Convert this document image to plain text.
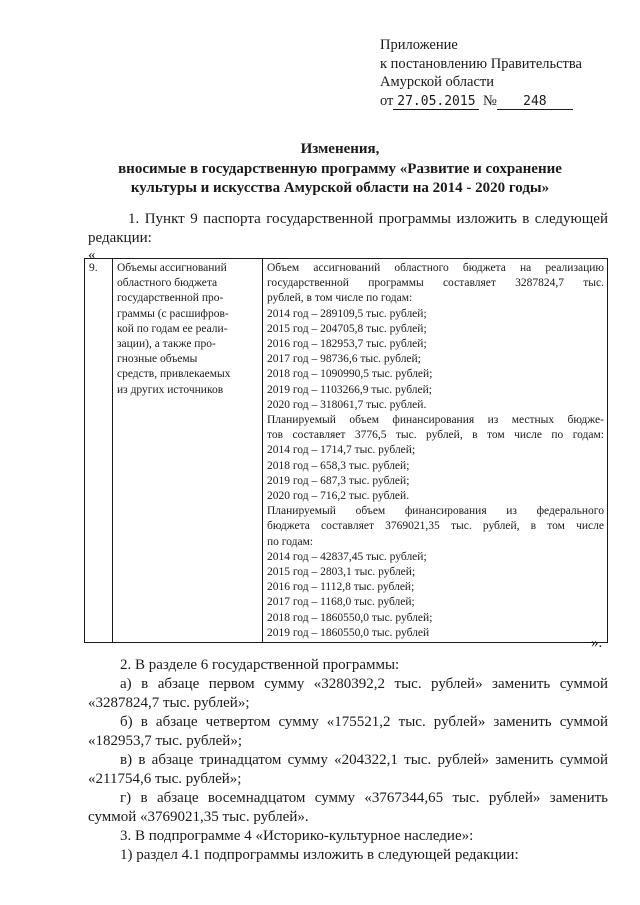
Приложение
к постановлению Правительства
Амурской области
от 27.05.2015 № 248
Изменения,
вносимые в государственную программу «Развитие и сохранение
культуры и искусства Амурской области на 2014 - 2020 годы»
1. Пункт 9 паспорта государственной программы изложить в следующей
редакции:
«
9.	Объемы ассигнований
областного бюджета
государственной про-
граммы (с расшифров-
кой по годам ее реали-
зации), а также про-
гнозные объемы
средств, привлекаемых
из других источников

Объем ассигнований областного бюджета на реализацию
государственной программы составляет 3287824,7 тыс.
рублей, в том числе по годам:
2014 год – 289109,5 тыс. рублей;
2015 год – 204705,8 тыс. рублей;
2016 год – 182953,7 тыс. рублей;
2017 год – 98736,6 тыс. рублей;
2018 год – 1090990,5 тыс. рублей;
2019 год – 1103266,9 тыс. рублей;
2020 год – 318061,7 тыс. рублей.
Планируемый объем финансирования из местных бюдже-
тов составляет 3776,5 тыс. рублей, в том числе по годам:
2014 год – 1714,7 тыс. рублей;
2018 год – 658,3 тыс. рублей;
2019 год – 687,3 тыс. рублей;
2020 год – 716,2 тыс. рублей.
Планируемый объем финансирования из федерального
бюджета составляет 3769021,35 тыс. рублей, в том числе
по годам:
2014 год – 42837,45 тыс. рублей;
2015 год – 2803,1 тыс. рублей;
2016 год – 1112,8 тыс. рублей;
2017 год – 1168,0 тыс. рублей;
2018 год – 1860550,0 тыс. рублей;
2019 год – 1860550,0 тыс. рублей
».
2. В разделе 6 государственной программы:
а) в абзаце первом сумму «3280392,2 тыс. рублей» заменить суммой
«3287824,7 тыс. рублей»;
б) в абзаце четвертом сумму «175521,2 тыс. рублей» заменить суммой
«182953,7 тыс. рублей»;
в) в абзаце тринадцатом сумму «204322,1 тыс. рублей» заменить суммой
«211754,6 тыс. рублей»;
г) в абзаце восемнадцатом сумму «3767344,65 тыс. рублей» заменить
суммой «3769021,35 тыс. рублей».
3. В подпрограмме 4 «Историко-культурное наследие»:
1) раздел 4.1 подпрограммы изложить в следующей редакции:
